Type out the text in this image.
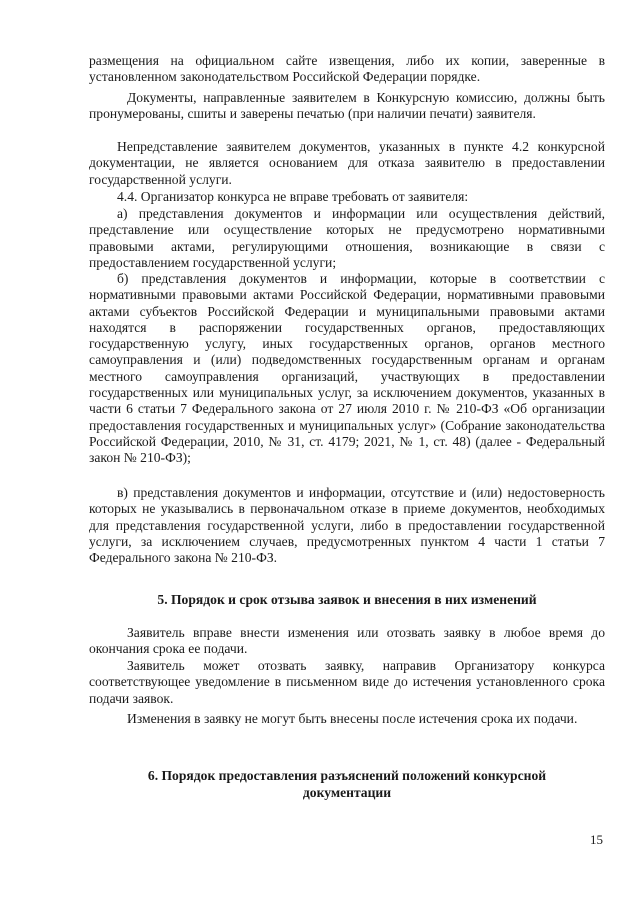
размещения на официальном сайте извещения, либо их копии, заверенные в установленном законодательством Российской Федерации порядке.

Документы, направленные заявителем в Конкурсную комиссию, должны быть пронумерованы, сшиты и заверены печатью (при наличии печати) заявителя.

Непредставление заявителем документов, указанных в пункте 4.2 конкурсной документации, не является основанием для отказа заявителю в предоставлении государственной услуги.

4.4. Организатор конкурса не вправе требовать от заявителя:

а) представления документов и информации или осуществления действий, представление или осуществление которых не предусмотрено нормативными правовыми актами, регулирующими отношения, возникающие в связи с предоставлением государственной услуги;

б) представления документов и информации, которые в соответствии с нормативными правовыми актами Российской Федерации, нормативными правовыми актами субъектов Российской Федерации и муниципальными правовыми актами находятся в распоряжении государственных органов, предоставляющих государственную услугу, иных государственных органов, органов местного самоуправления и (или) подведомственных государственным органам и органам местного самоуправления организаций, участвующих в предоставлении государственных или муниципальных услуг, за исключением документов, указанных в части 6 статьи 7 Федерального закона от 27 июля 2010 г. № 210-ФЗ «Об организации предоставления государственных и муниципальных услуг» (Собрание законодательства Российской Федерации, 2010, № 31, ст. 4179; 2021, № 1, ст. 48) (далее - Федеральный закон № 210-ФЗ);

в) представления документов и информации, отсутствие и (или) недостоверность которых не указывались в первоначальном отказе в приеме документов, необходимых для представления государственной услуги, либо в предоставлении государственной услуги, за исключением случаев, предусмотренных пунктом 4 части 1 статьи 7 Федерального закона № 210-ФЗ.

5. Порядок и срок отзыва заявок и внесения в них изменений

Заявитель вправе внести изменения или отозвать заявку в любое время до окончания срока ее подачи.

Заявитель может отозвать заявку, направив Организатору конкурса соответствующее уведомление в письменном виде до истечения установленного срока подачи заявок.

Изменения в заявку не могут быть внесены после истечения срока их подачи.

6. Порядок предоставления разъяснений положений конкурсной

документации

15
